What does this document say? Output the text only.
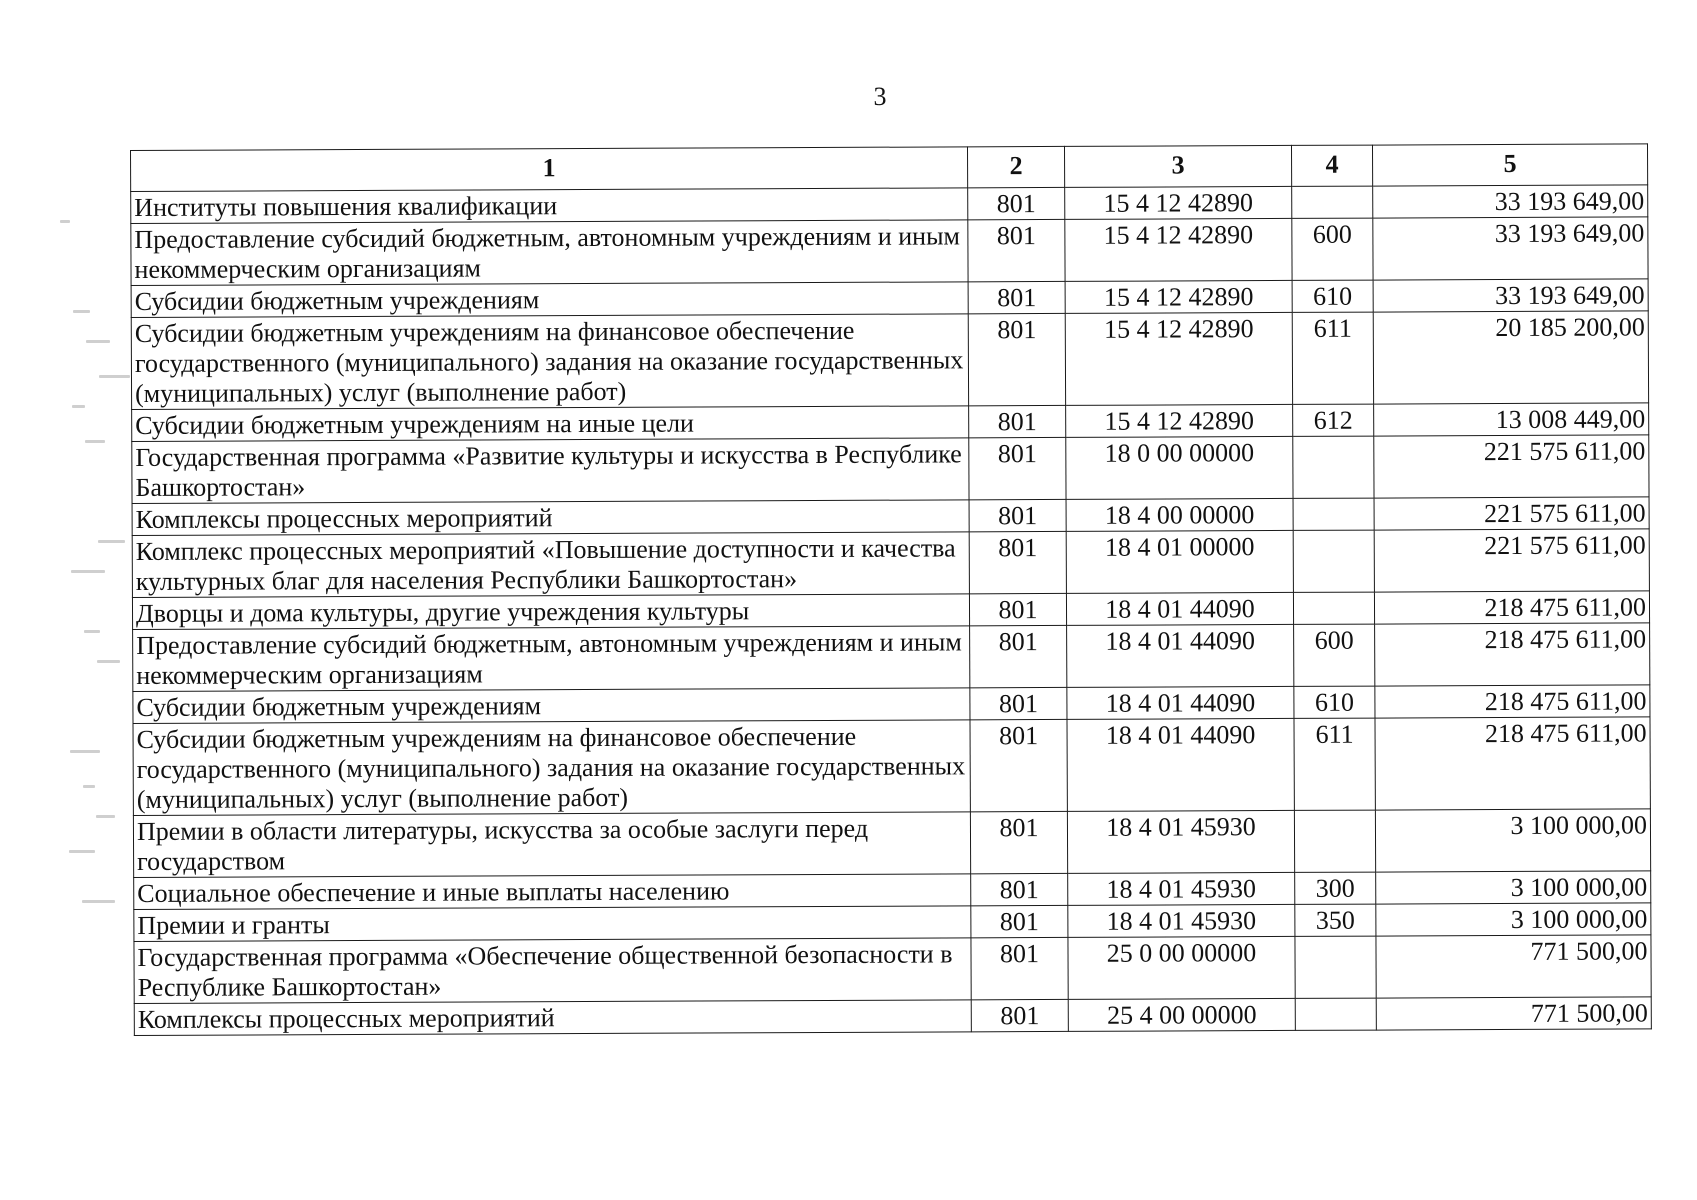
3
1	2	3	4	5
Институты повышения квалификации	801	15 4 12 42890		33 193 649,00
Предоставление субсидий бюджетным, автономным учреждениям и иным некоммерческим организациям	801	15 4 12 42890	600	33 193 649,00
Субсидии бюджетным учреждениям	801	15 4 12 42890	610	33 193 649,00
Субсидии бюджетным учреждениям на финансовое обеспечение государственного (муниципального) задания на оказание государственных (муниципальных) услуг (выполнение работ)	801	15 4 12 42890	611	20 185 200,00
Субсидии бюджетным учреждениям на иные цели	801	15 4 12 42890	612	13 008 449,00
Государственная программа «Развитие культуры и искусства в Республике Башкортостан»	801	18 0 00 00000		221 575 611,00
Комплексы процессных мероприятий	801	18 4 00 00000		221 575 611,00
Комплекс процессных мероприятий «Повышение доступности и качества культурных благ для населения Республики Башкортостан»	801	18 4 01 00000		221 575 611,00
Дворцы и дома культуры, другие учреждения культуры	801	18 4 01 44090		218 475 611,00
Предоставление субсидий бюджетным, автономным учреждениям и иным некоммерческим организациям	801	18 4 01 44090	600	218 475 611,00
Субсидии бюджетным учреждениям	801	18 4 01 44090	610	218 475 611,00
Субсидии бюджетным учреждениям на финансовое обеспечение государственного (муниципального) задания на оказание государственных (муниципальных) услуг (выполнение работ)	801	18 4 01 44090	611	218 475 611,00
Премии в области литературы, искусства за особые заслуги перед государством	801	18 4 01 45930		3 100 000,00
Социальное обеспечение и иные выплаты населению	801	18 4 01 45930	300	3 100 000,00
Премии и гранты	801	18 4 01 45930	350	3 100 000,00
Государственная программа «Обеспечение общественной безопасности в Республике Башкортостан»	801	25 0 00 00000		771 500,00
Комплексы процессных мероприятий	801	25 4 00 00000		771 500,00
